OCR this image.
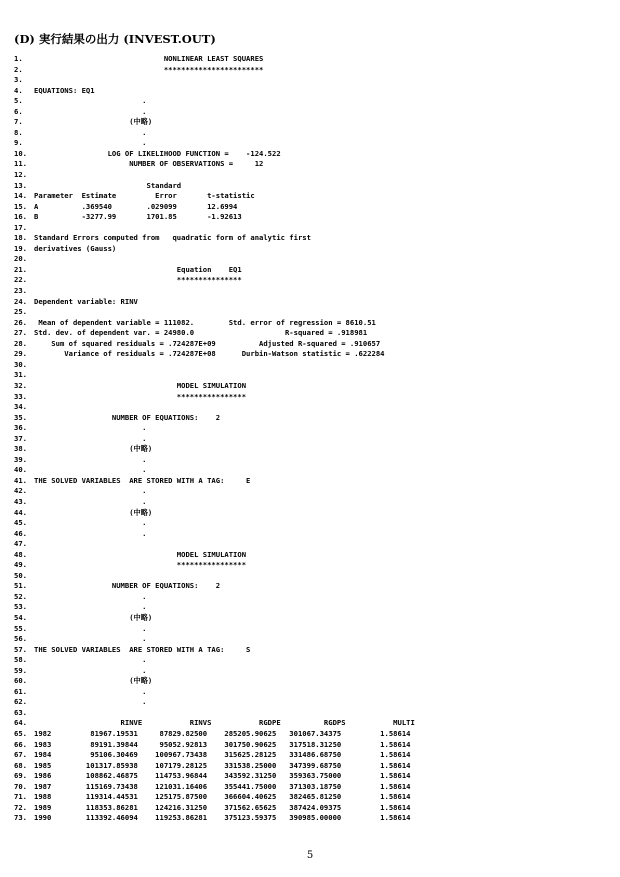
(D) 実行結果の出力 (INVEST.OUT)
1. NONLINEAR LEAST SQUARES
2. ***********************
3.
4. EQUATIONS: EQ1
5. .
6. .
7. (中略)
8. .
9. .
10. LOG OF LIKELIHOOD FUNCTION =    -124.522
11. NUMBER OF OBSERVATIONS =     12
12.
13. Standard
14. Parameter  Estimate         Error       t-statistic
15. A          .369540        .029099       12.6994
16. B          -3277.99       1701.85       -1.92613
17.
18. Standard Errors computed from   quadratic form of analytic first
19. derivatives (Gauss)
20.
21. Equation    EQ1
22. ***************
23.
24. Dependent variable: RINV
25.
26. Mean of dependent variable = 111082.        Std. error of regression = 8610.51
27. Std. dev. of dependent var. = 24980.0                     R-squared = .918981
28. Sum of squared residuals = .724287E+09          Adjusted R-squared = .910657
29. Variance of residuals = .724287E+08      Durbin-Watson statistic = .622284
30.
31.
32. MODEL SIMULATION
33. ****************
34.
35. NUMBER OF EQUATIONS:    2
36. .
37. .
38. (中略)
39. .
40. .
41. THE SOLVED VARIABLES  ARE STORED WITH A TAG:     E
42. .
43. .
44. (中略)
45. .
46. .
47.
48. MODEL SIMULATION
49. ****************
50.
51. NUMBER OF EQUATIONS:    2
52. .
53. .
54. (中略)
55. .
56. .
57. THE SOLVED VARIABLES  ARE STORED WITH A TAG:     S
58. .
59. .
60. (中略)
61. .
62. .
63.
64. RINVE           RINVS           RGDPE          RGDPS           MULTI
65. 1982         81967.19531     87829.82500    285205.90625   301067.34375         1.58614
66. 1983         89191.39844     95052.92813    301750.90625   317518.31250         1.58614
67. 1984         95106.30469    100967.73438    315625.28125   331486.68750         1.58614
68. 1985        101317.85938    107179.28125    331538.25000   347399.68750         1.58614
69. 1986        108862.46875    114753.96844    343592.31250   359363.75000         1.58614
70. 1987        115169.73438    121031.16406    355441.75000   371303.18750         1.58614
71. 1988        119314.44531    125175.87500    366604.40625   382465.81250         1.58614
72. 1989        118353.86281    124216.31250    371562.65625   387424.09375         1.58614
73. 1990        113392.46094    119253.86281    375123.59375   390985.00000         1.58614
5
